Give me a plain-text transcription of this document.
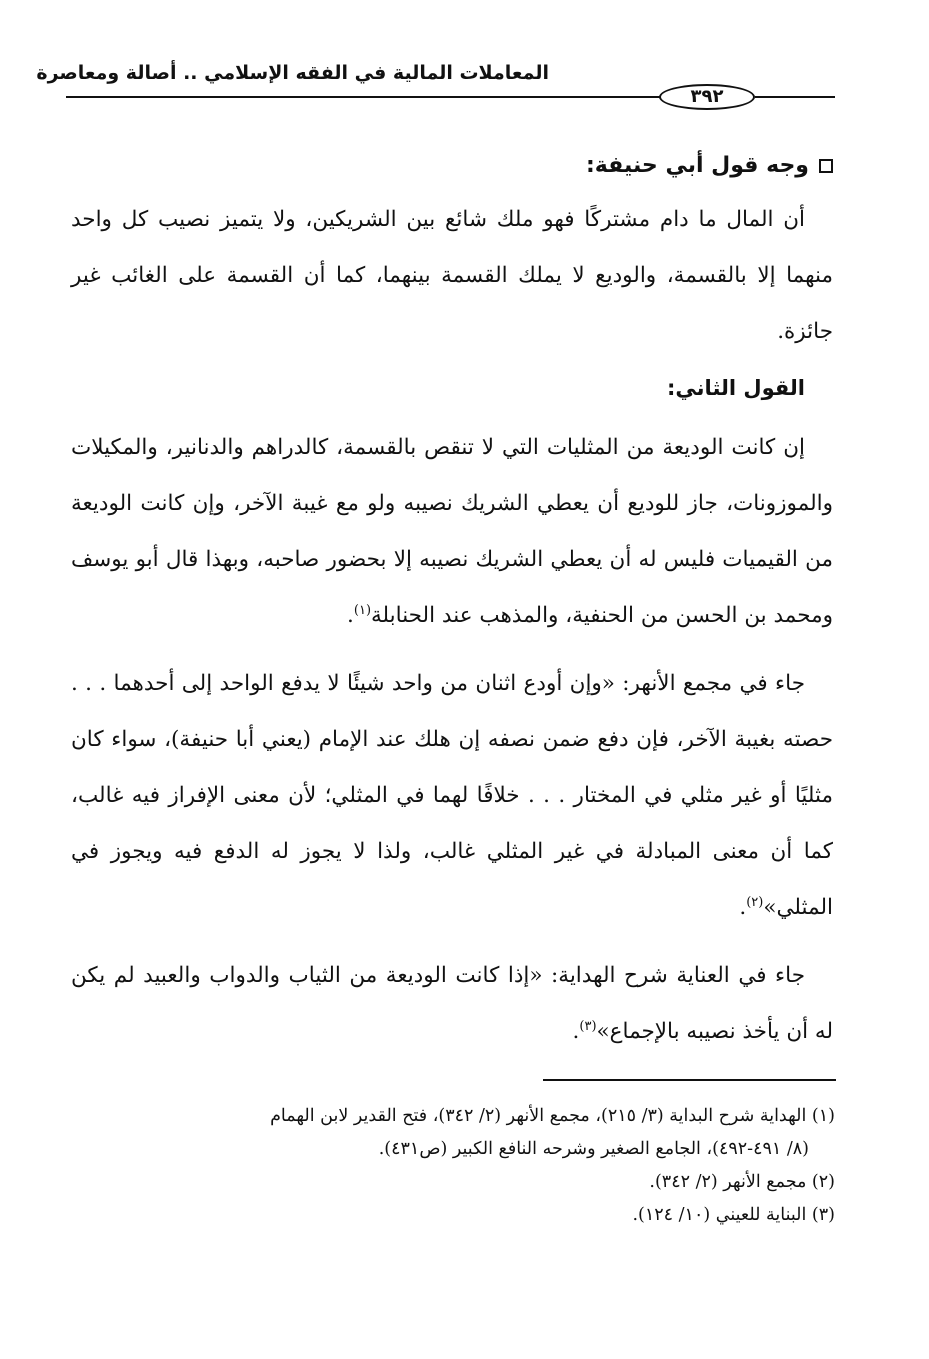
المعاملات المالية في الفقه الإسلامي .. أصالة ومعاصرة
٣٩٢
وجه قول أبي حنيفة:

أن المال ما دام مشتركًا فهو ملك شائع بين الشريكين، ولا يتميز نصيب كل واحد منهما إلا بالقسمة، والوديع لا يملك القسمة بينهما، كما أن القسمة على الغائب غير جائزة.

القول الثاني:

إن كانت الوديعة من المثليات التي لا تنقص بالقسمة، كالدراهم والدنانير، والمكيلات والموزونات، جاز للوديع أن يعطي الشريك نصيبه ولو مع غيبة الآخر، وإن كانت الوديعة من القيميات فليس له أن يعطي الشريك نصيبه إلا بحضور صاحبه، وبهذا قال أبو يوسف ومحمد بن الحسن من الحنفية، والمذهب عند الحنابلة$^{(١)}$.

جاء في مجمع الأنهر: «وإن أودع اثنان من واحد شيئًا لا يدفع الواحد إلى أحدهما . . . حصته بغيبة الآخر، فإن دفع ضمن نصفه إن هلك عند الإمام (يعني أبا حنيفة)، سواء كان مثليًا أو غير مثلي في المختار . . . خلافًا لهما في المثلي؛ لأن معنى الإفراز فيه غالب، كما أن معنى المبادلة في غير المثلي غالب، ولذا لا يجوز له الدفع فيه ويجوز في المثلي»$^{(٢)}$.

جاء في العناية شرح الهداية: «إذا كانت الوديعة من الثياب والدواب والعبيد لم يكن له أن يأخذ نصيبه بالإجماع»$^{(٣)}$.

(١) الهداية شرح البداية (٣/ ٢١٥)، مجمع الأنهر (٢/ ٣٤٢)، فتح القدير لابن الهمام

(٨/ ٤٩١-٤٩٢)، الجامع الصغير وشرحه النافع الكبير (ص٤٣١).

(٢) مجمع الأنهر (٢/ ٣٤٢).

(٣) البناية للعيني (١٠/ ١٢٤).
